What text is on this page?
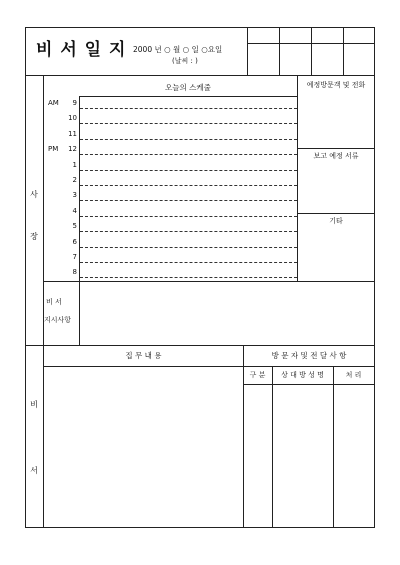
비 서 일 지 2000 년 ○ 월 ○ 일 ○요일
(날씨 : )
사
장
오늘의 스케줄
AM	9
10
11
PM	12
1
2
3
4
5
6
7
8
예정방문객 및 전화
보고 예정 서류
기타
비 서
지시사항
비
서
집 무 내 용	방 문 자 및 전 달 사 항
구 분	상 대 방 성 명	처 리
